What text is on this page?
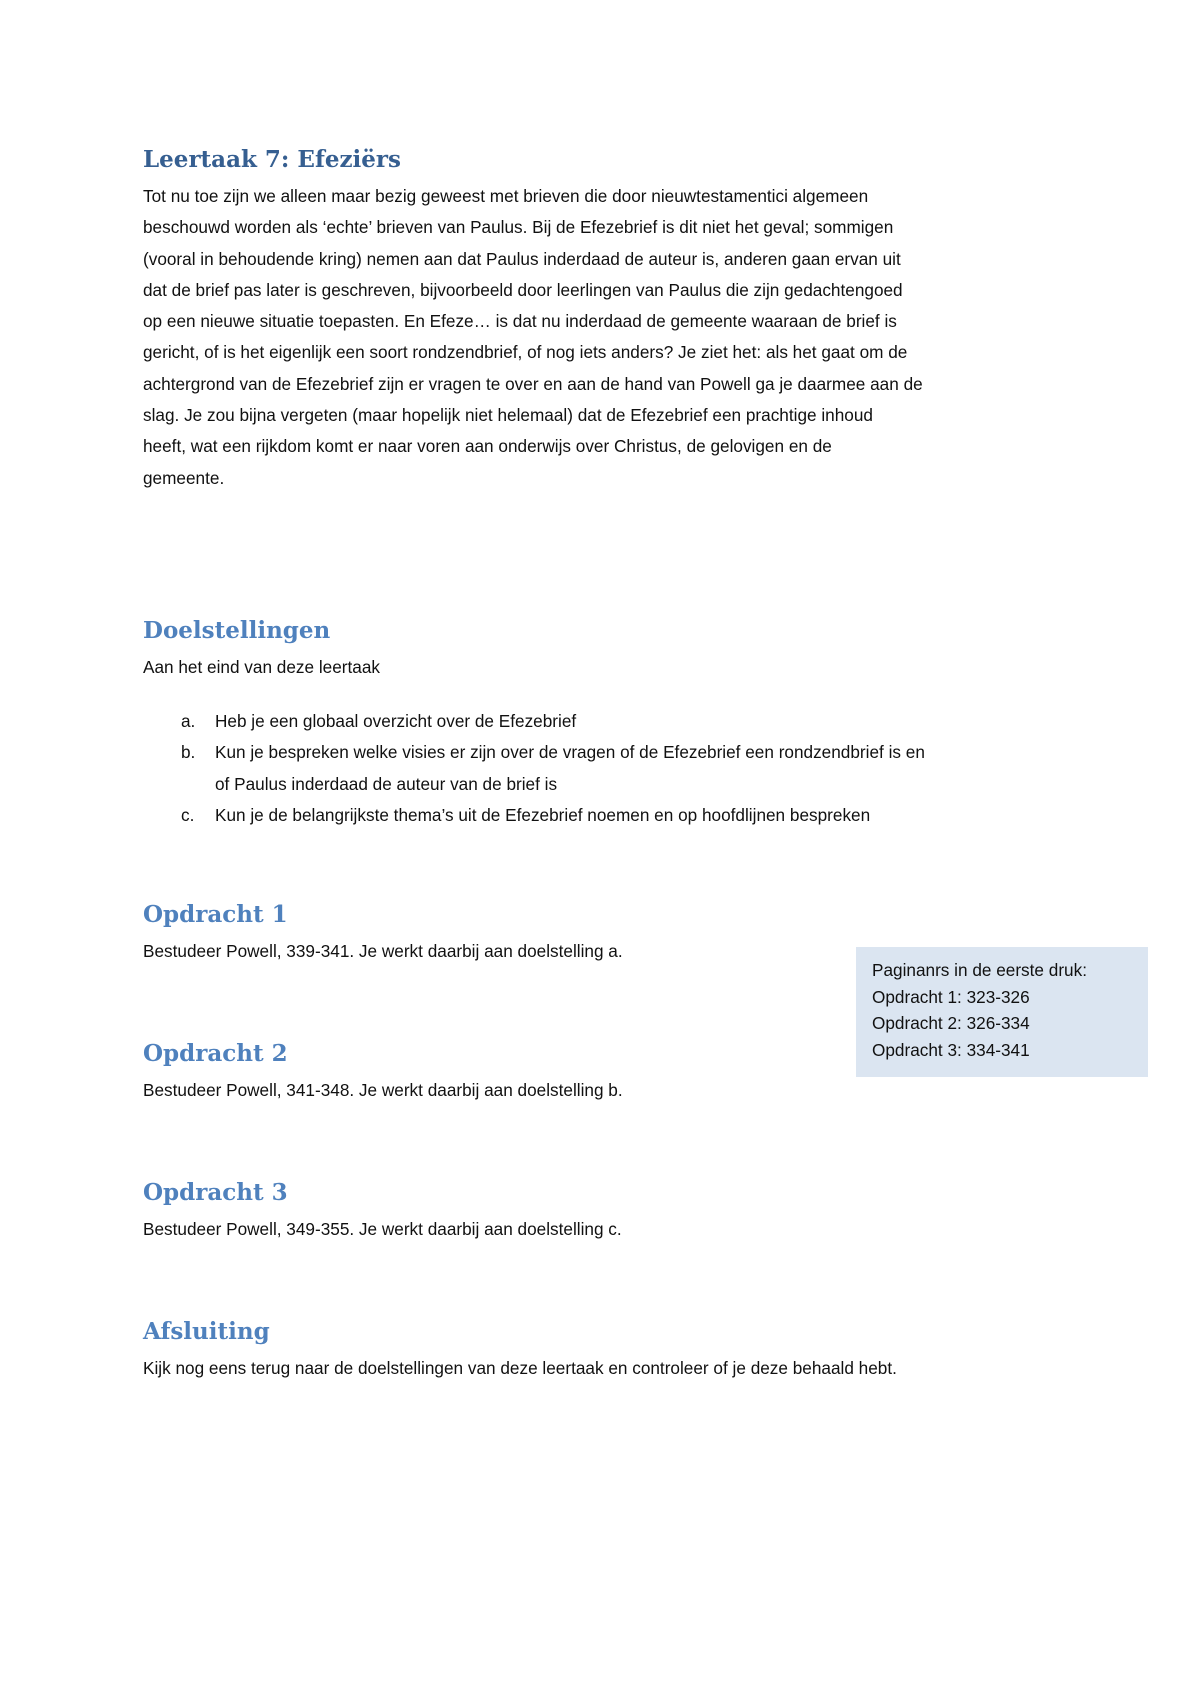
Leertaak 7: Efeziërs

Tot nu toe zijn we alleen maar bezig geweest met brieven die door nieuwtestamentici algemeen
beschouwd worden als ‘echte’ brieven van Paulus. Bij de Efezebrief is dit niet het geval; sommigen
(vooral in behoudende kring) nemen aan dat Paulus inderdaad de auteur is, anderen gaan ervan uit
dat de brief pas later is geschreven, bijvoorbeeld door leerlingen van Paulus die zijn gedachtengoed
op een nieuwe situatie toepasten. En Efeze… is dat nu inderdaad de gemeente waaraan de brief is
gericht, of is het eigenlijk een soort rondzendbrief, of nog iets anders? Je ziet het: als het gaat om de
achtergrond van de Efezebrief zijn er vragen te over en aan de hand van Powell ga je daarmee aan de
slag. Je zou bijna vergeten (maar hopelijk niet helemaal) dat de Efezebrief een prachtige inhoud
heeft, wat een rijkdom komt er naar voren aan onderwijs over Christus, de gelovigen en de
gemeente.

Doelstellingen

Aan het eind van deze leertaak

a. Heb je een globaal overzicht over de Efezebrief
b. Kun je bespreken welke visies er zijn over de vragen of de Efezebrief een rondzendbrief is en
of Paulus inderdaad de auteur van de brief is
c. Kun je de belangrijkste thema’s uit de Efezebrief noemen en op hoofdlijnen bespreken
Opdracht 1

Bestudeer Powell, 339-341. Je werkt daarbij aan doelstelling a.

Opdracht 2

Bestudeer Powell, 341-348. Je werkt daarbij aan doelstelling b.

Opdracht 3

Bestudeer Powell, 349-355. Je werkt daarbij aan doelstelling c.

Afsluiting

Kijk nog eens terug naar de doelstellingen van deze leertaak en controleer of je deze behaald hebt.

Paginanrs in de eerste druk:
Opdracht 1: 323-326
Opdracht 2: 326-334
Opdracht 3: 334-341
